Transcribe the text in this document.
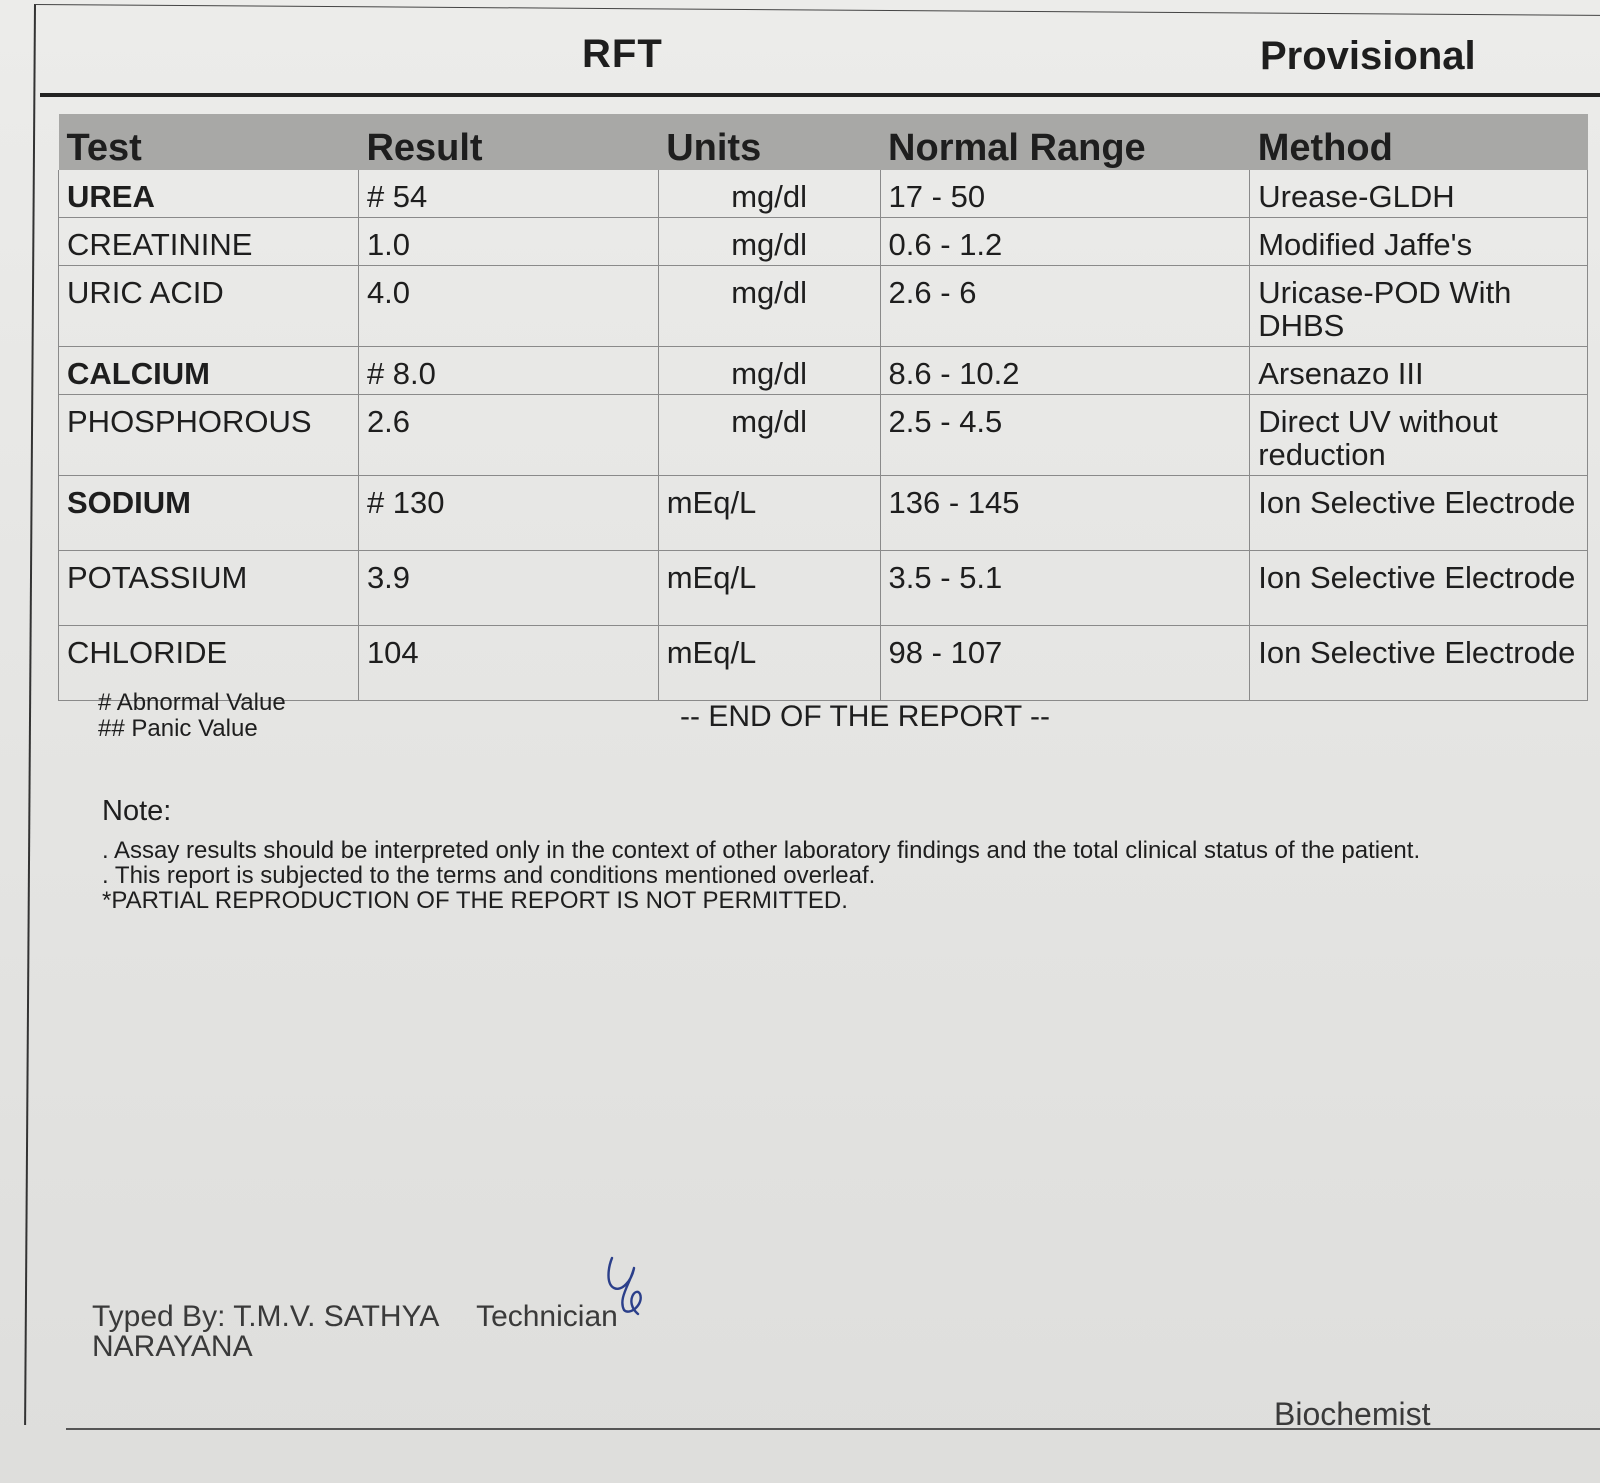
RFT	Provisional
Test	Result	Units	Normal Range	Method
UREA	# 54	mg/dl	17 - 50	Urease-GLDH
CREATININE	1.0	mg/dl	0.6 - 1.2	Modified Jaffe's
URIC ACID	4.0	mg/dl	2.6 - 6	Uricase-POD With DHBS
CALCIUM	# 8.0	mg/dl	8.6 - 10.2	Arsenazo III
PHOSPHOROUS	2.6	mg/dl	2.5 - 4.5	Direct UV without reduction
SODIUM	# 130	mEq/L	136 - 145	Ion Selective Electrode
POTASSIUM	3.9	mEq/L	3.5 - 5.1	Ion Selective Electrode
CHLORIDE	104	mEq/L	98 - 107	Ion Selective Electrode
# Abnormal Value
## Panic Value	-- END OF THE REPORT --
Note:
. Assay results should be interpreted only in the context of other laboratory findings and the total clinical status of the patient.
. This report is subjected to the terms and conditions mentioned overleaf.
*PARTIAL REPRODUCTION OF THE REPORT IS NOT PERMITTED.
Typed By: T.M.V. SATHYA Technician
NARAYANA
Biochemist
